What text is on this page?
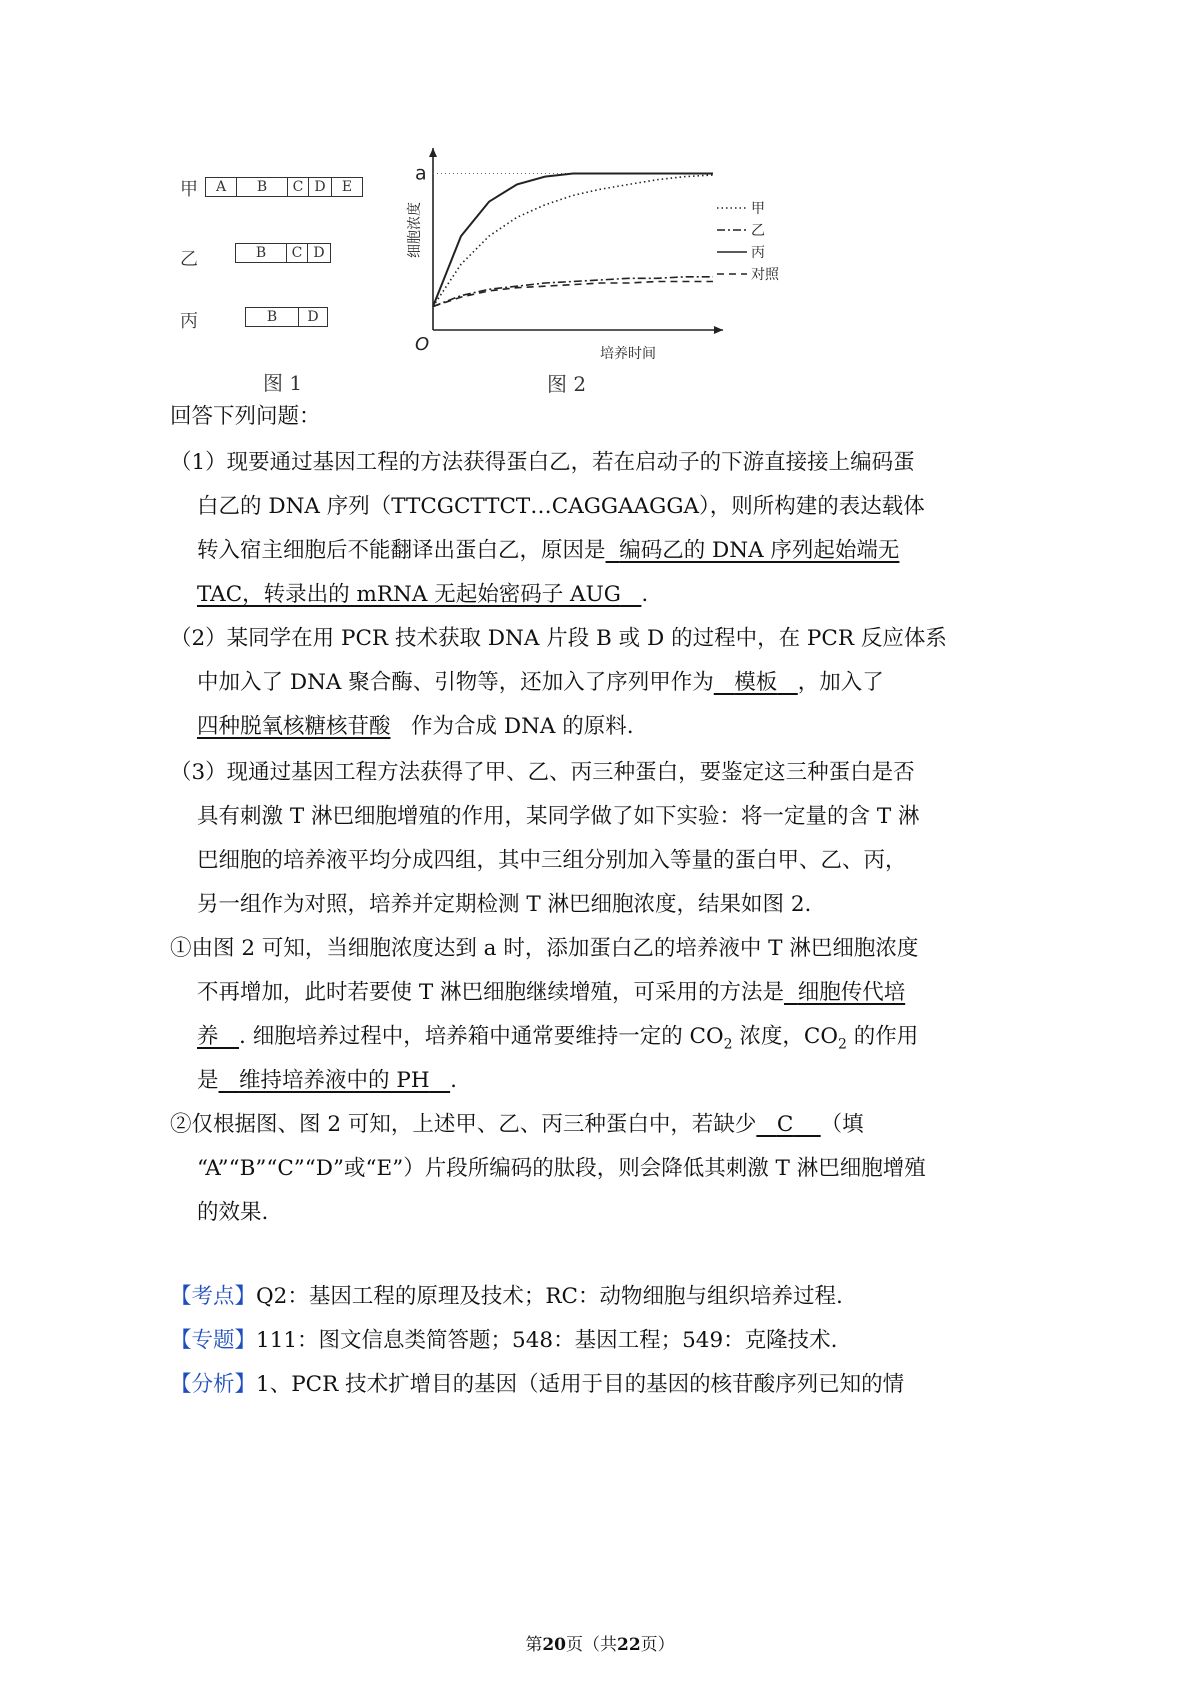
甲	A	B	C D	E
乙	B	C D
丙	B	D
图 1
O
a
培养时间
细胞浓度	甲
乙
丙
对照
图 2
回答下列问题：
（1）现要通过基因工程的方法获得蛋白乙，若在启动子的下游直接接上编码蛋
白乙的 DNA 序列（TTCGCTTCT…CAGGAAGGA），则所构建的表达载体
转入宿主细胞后不能翻译出蛋白乙，原因是 编码乙的 DNA 序列起始端无
TAC，转录出的 mRNA 无起始密码子 AUG .
（2）某同学在用 PCR 技术获取 DNA 片段 B 或 D 的过程中，在 PCR 反应体系
中加入了 DNA 聚合酶、引物等，还加入了序列甲作为 模板 ，加入了
四种脱氧核糖核苷酸 作为合成 DNA 的原料.
（3）现通过基因工程方法获得了甲、乙、丙三种蛋白，要鉴定这三种蛋白是否
具有刺激 T 淋巴细胞增殖的作用，某同学做了如下实验：将一定量的含 T 淋
巴细胞的培养液平均分成四组，其中三组分别加入等量的蛋白甲、乙、丙，
另一组作为对照，培养并定期检测 T 淋巴细胞浓度，结果如图 2.
①由图 2 可知，当细胞浓度达到 a 时，添加蛋白乙的培养液中 T 淋巴细胞浓度
不再增加，此时若要使 T 淋巴细胞继续增殖，可采用的方法是 细胞传代培
养 . 细胞培养过程中，培养箱中通常要维持一定的 $CO_2$ 浓度，$CO_2$ 的作用
是 维持培养液中的 PH .
②仅根据图、图 2 可知，上述甲、乙、丙三种蛋白中，若缺少 C （填
“A”“B”“C”“D”或“E”）片段所编码的肽段，则会降低其刺激 T 淋巴细胞增殖
的效果.
【考点】Q2：基因工程的原理及技术；RC：动物细胞与组织培养过程.
【专题】111：图文信息类简答题；548：基因工程；549：克隆技术.
【分析】1、PCR 技术扩增目的基因（适用于目的基因的核苷酸序列已知的情
第20页（共22页）
